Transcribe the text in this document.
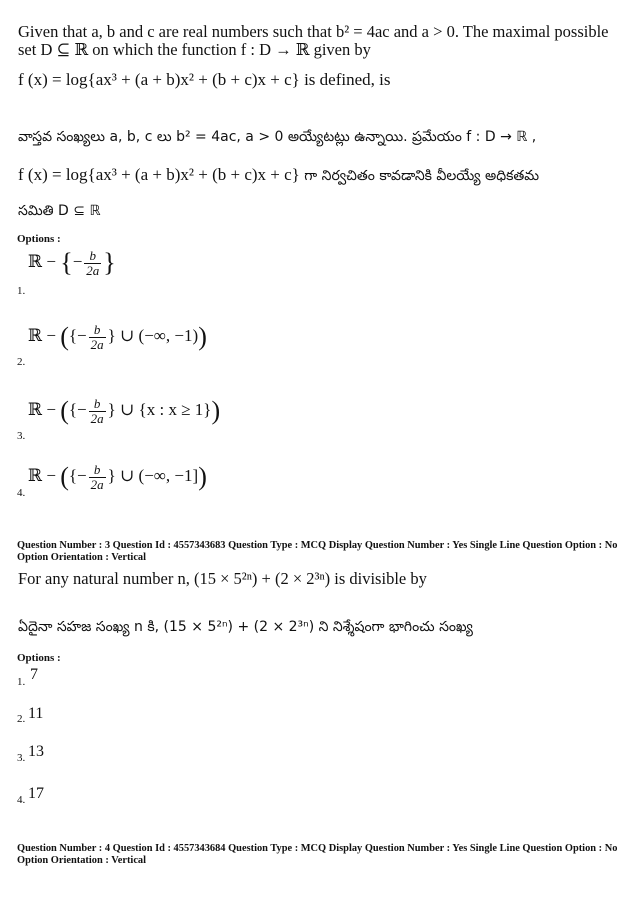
Given that a, b and c are real numbers such that b² = 4ac and a > 0. The maximal possible
set D ⊆ ℝ on which the function f : D → ℝ given by
f (x) = log{ax³ + (a + b)x² + (b + c)x + c} is defined, is
వాస్తవ సంఖ్యలు a, b, c లు b² = 4ac, a > 0 అయ్యేటట్లు ఉన్నాయి. ప్రమేయం f : D → ℝ ,
f (x) = log{ax³ + (a + b)x² + (b + c)x + c} గా నిర్వచితం కావడానికి వీలయ్యే అధికతమ
సమితి D ⊆ ℝ
Options :
ℝ − {− $\frac{b}{2a}$ }
1.
ℝ − ({− $\frac{b}{2a}$ } ∪ (−∞, −1))
2.
ℝ − ({− $\frac{b}{2a}$ } ∪ {x : x ≥ 1})
3.
ℝ − ({− $\frac{b}{2a}$ } ∪ (−∞, −1])
4.
Question Number : 3 Question Id : 4557343683 Question Type : MCQ Display Question Number : Yes Single Line Question Option : No Option Orientation : Vertical
For any natural number n, (15 × 5²ⁿ) + (2 × 2³ⁿ) is divisible by
ఏదైనా సహజ సంఖ్య n కి, (15 × 5²ⁿ) + (2 × 2³ⁿ) ని నిశ్శేషంగా భాగించు సంఖ్య
Options :
1. 7
2. 11
3. 13
4. 17
Question Number : 4 Question Id : 4557343684 Question Type : MCQ Display Question Number : Yes Single Line Question Option : No Option Orientation : Vertical
